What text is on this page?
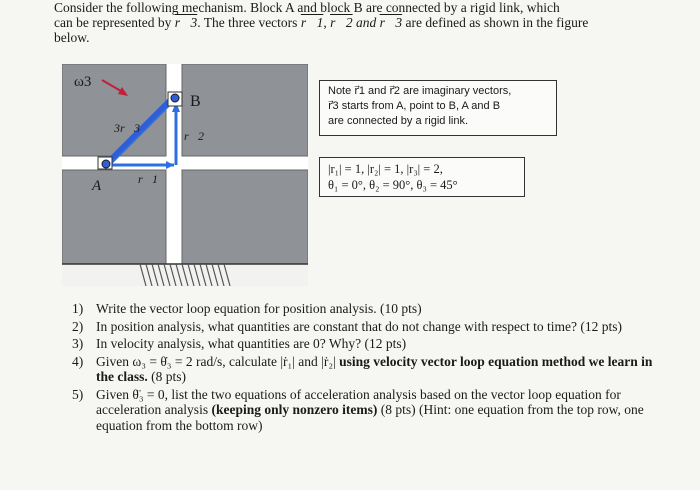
Consider the following mechanism. Block A and block B are connected by a rigid link, which
can be represented by r⃗3. The three vectors r⃗1, r⃗2 and r⃗3 are defined as shown in the figure
below.
ω3
B
A
3r⃗3
r⃗1
r⃗2
Note r⃗1 and r⃗2 are imaginary vectors,
r⃗3 starts from A, point to B, A and B
are connected by a rigid link.
|r₁| = 1, |r₂| = 1, |r₃| = 2,
θ₁ = 0°, θ₂ = 90°, θ₃ = 45°
1) Write the vector loop equation for position analysis. (10 pts)
2) In position analysis, what quantities are constant that do not change with respect to time? (12 pts)
3) In velocity analysis, what quantities are 0? Why? (12 pts)
4) Given ω₃ = θ̇₃ = 2 rad/s, calculate |ṙ₁| and |ṙ₂| using velocity vector loop equation method we learn in the class. (8 pts)
5) Given θ̈₃ = 0, list the two equations of acceleration analysis based on the vector loop equation for acceleration analysis (keeping only nonzero items) (8 pts) (Hint: one equation from the top row, one equation from the bottom row)
